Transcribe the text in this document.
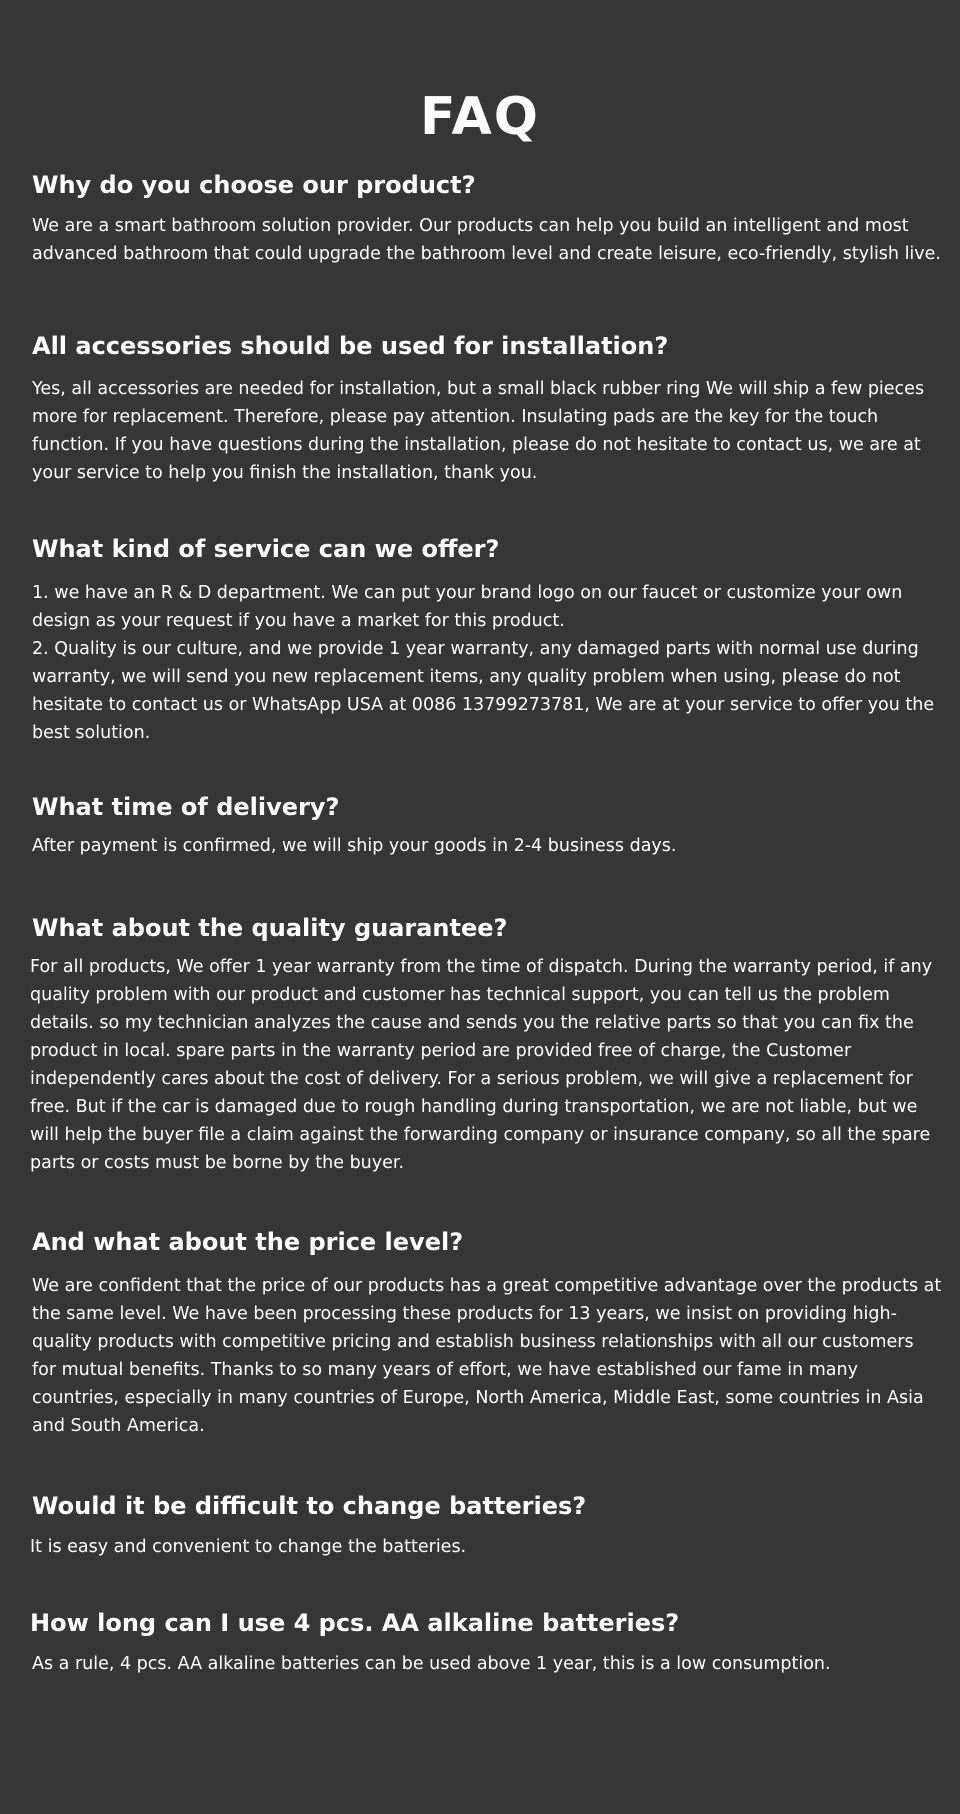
FAQ
Why do you choose our product?

We are a smart bathroom solution provider. Our products can help you build an intelligent and most advanced bathroom that could upgrade the bathroom level and create leisure, eco-friendly, stylish live.

All accessories should be used for installation?

Yes, all accessories are needed for installation, but a small black rubber ring We will ship a few pieces more for replacement. Therefore, please pay attention. Insulating pads are the key for the touch function. If you have questions during the installation, please do not hesitate to contact us, we are at your service to help you finish the installation, thank you.

What kind of service can we offer?

1. we have an R & D department. We can put your brand logo on our faucet or customize your own design as your request if you have a market for this product.
2. Quality is our culture, and we provide 1 year warranty, any damaged parts with normal use during warranty, we will send you new replacement items, any quality problem when using, please do not hesitate to contact us or WhatsApp USA at 0086 13799273781, We are at your service to offer you the best solution.

What time of delivery?

After payment is confirmed, we will ship your goods in 2-4 business days.

What about the quality guarantee?

For all products, We offer 1 year warranty from the time of dispatch. During the warranty period, if any quality problem with our product and customer has technical support, you can tell us the problem details. so my technician analyzes the cause and sends you the relative parts so that you can fix the product in local. spare parts in the warranty period are provided free of charge, the Customer independently cares about the cost of delivery. For a serious problem, we will give a replacement for free. But if the car is damaged due to rough handling during transportation, we are not liable, but we will help the buyer file a claim against the forwarding company or insurance company, so all the spare parts or costs must be borne by the buyer.

And what about the price level?

We are confident that the price of our products has a great competitive advantage over the products at the same level. We have been processing these products for 13 years, we insist on providing high-quality products with competitive pricing and establish business relationships with all our customers for mutual benefits. Thanks to so many years of effort, we have established our fame in many countries, especially in many countries of Europe, North America, Middle East, some countries in Asia and South America.

Would it be difficult to change batteries?

It is easy and convenient to change the batteries.

How long can I use 4 pcs. AA alkaline batteries?

As a rule, 4 pcs. AA alkaline batteries can be used above 1 year, this is a low consumption.
